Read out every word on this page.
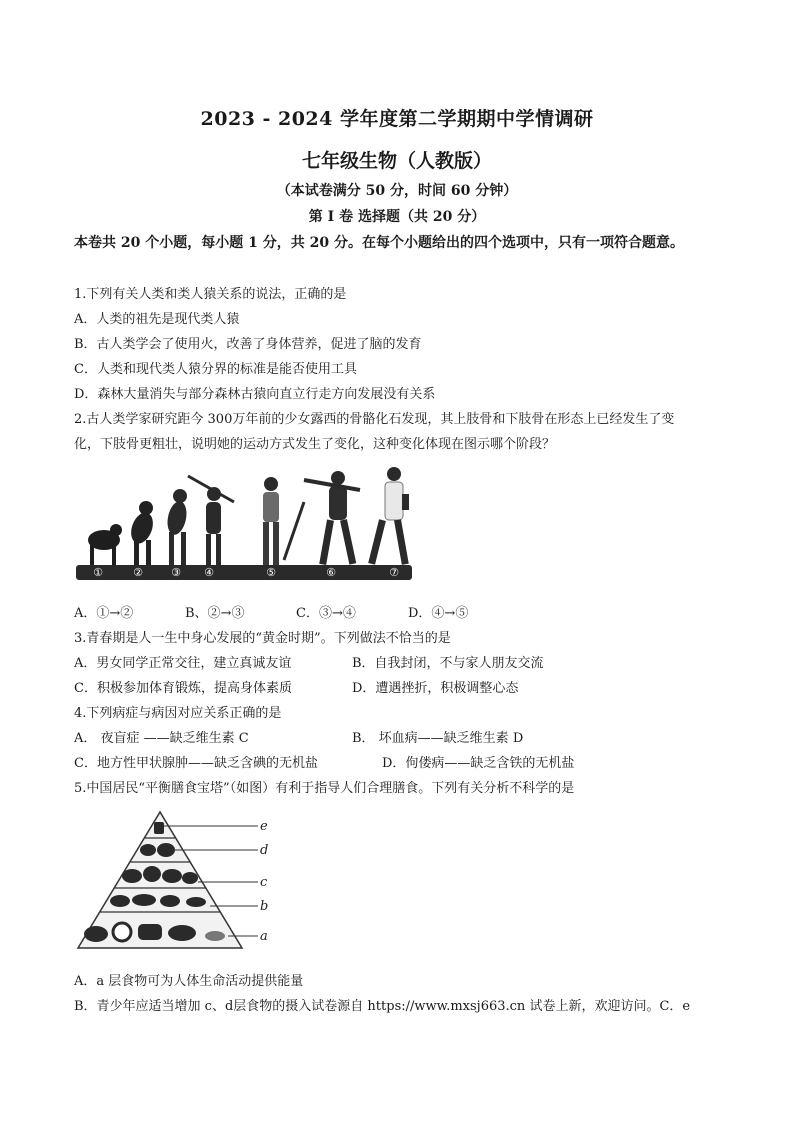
2023 - 2024 学年度第二学期期中学情调研
七年级生物（人教版）
（本试卷满分 50 分，时间 60 分钟）
第 I 卷 选择题（共 20 分）
本卷共 20 个小题，每小题 1 分，共 20 分。在每个小题给出的四个选项中，只有一项符合题意。
1.下列有关人类和类人猿关系的说法，正确的是
A．人类的祖先是现代类人猿
B．古人类学会了使用火，改善了身体营养，促进了脑的发育
C．人类和现代类人猿分界的标准是能否使用工具
D．森林大量消失与部分森林古猿向直立行走方向发展没有关系
2.古人类学家研究距今 300万年前的少女露西的骨骼化石发现，其上肢骨和下肢骨在形态上已经发生了变
化，下肢骨更粗壮，说明她的运动方式发生了变化，这种变化体现在图示哪个阶段？
①	②	③ ④	⑤	⑥	⑦
A．①→②	B、②→③	C．③→④	D．④→⑤
3.青春期是人一生中身心发展的“黄金时期”。下列做法不恰当的是
A．男女同学正常交往，建立真诚友谊	B．自我封闭，不与家人朋友交流
C．积极参加体育锻炼，提高身体素质	D．遭遇挫折，积极调整心态
4.下列病症与病因对应关系正确的是
A． 夜盲症 ——缺乏维生素 C	B． 坏血病——缺乏维生素 D
C．地方性甲状腺肿——缺乏含碘的无机盐	D．佝偻病——缺乏含铁的无机盐
5.中国居民“平衡膳食宝塔”（如图）有利于指导人们合理膳食。下列有关分析不科学的是
e
d
c
b
a
A．a 层食物可为人体生命活动提供能量
B．青少年应适当增加 c、d层食物的摄入试卷源自 https://www.mxsj663.cn 试卷上新，欢迎访问。C．e
